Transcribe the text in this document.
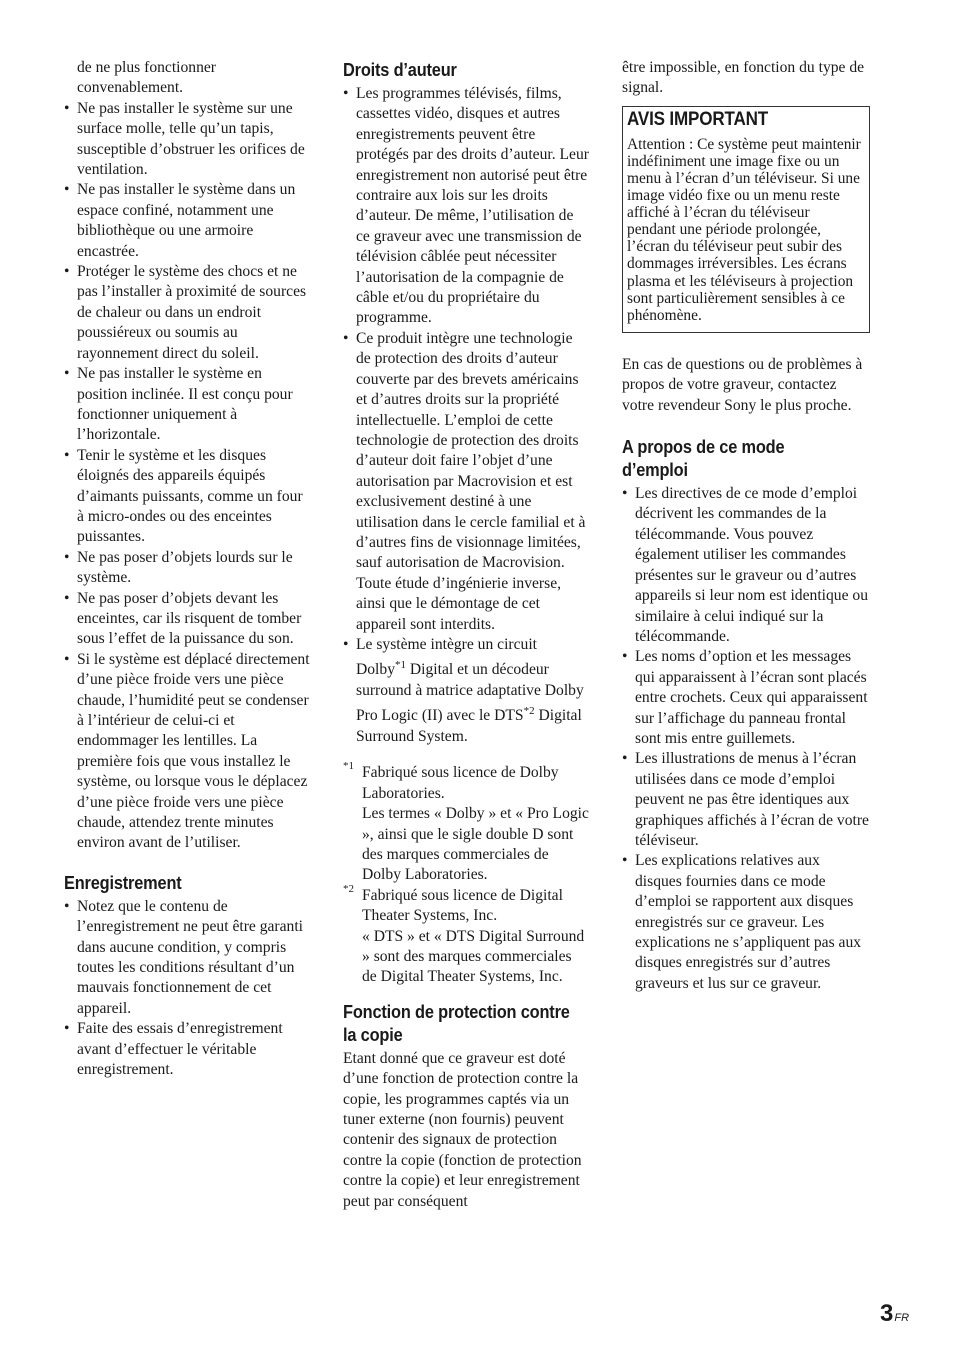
de ne plus fonctionner convenablement.

• Ne pas installer le système sur une surface molle, telle qu’un tapis, susceptible d’obstruer les orifices de ventilation.
• Ne pas installer le système dans un espace confiné, notamment une bibliothèque ou une armoire encastrée.
• Protéger le système des chocs et ne pas l’installer à proximité de sources de chaleur ou dans un endroit poussiéreux ou soumis au rayonnement direct du soleil.
• Ne pas installer le système en position inclinée. Il est conçu pour fonctionner uniquement à l’horizontale.
• Tenir le système et les disques éloignés des appareils équipés d’aimants puissants, comme un four à micro-ondes ou des enceintes puissantes.
• Ne pas poser d’objets lourds sur le système.
• Ne pas poser d’objets devant les enceintes, car ils risquent de tomber sous l’effet de la puissance du son.
• Si le système est déplacé directement d’une pièce froide vers une pièce chaude, l’humidité peut se condenser à l’intérieur de celui-ci et endommager les lentilles. La première fois que vous installez le système, ou lorsque vous le déplacez d’une pièce froide vers une pièce chaude, attendez trente minutes environ avant de l’utiliser.
Enregistrement
• Notez que le contenu de l’enregistrement ne peut être garanti dans aucune condition, y compris toutes les conditions résultant d’un mauvais fonctionnement de cet appareil.
• Faite des essais d’enregistrement avant d’effectuer le véritable enregistrement.
Droits d’auteur
• Les programmes télévisés, films, cassettes vidéo, disques et autres enregistrements peuvent être protégés par des droits d’auteur. Leur enregistrement non autorisé peut être contraire aux lois sur les droits d’auteur. De même, l’utilisation de ce graveur avec une transmission de télévision câblée peut nécessiter l’autorisation de la compagnie de câble et/ou du propriétaire du programme.
• Ce produit intègre une technologie de protection des droits d’auteur couverte par des brevets américains et d’autres droits sur la propriété intellectuelle. L’emploi de cette technologie de protection des droits d’auteur doit faire l’objet d’une autorisation par Macrovision et est exclusivement destiné à une utilisation dans le cercle familial et à d’autres fins de visionnage limitées, sauf autorisation de Macrovision. Toute étude d’ingénierie inverse, ainsi que le démontage de cet appareil sont interdits.
• Le système intègre un circuit Dolby$^{*1}$ Digital et un décodeur surround à matrice adaptative Dolby Pro Logic (II) avec le DTS$^{*2}$ Digital Surround System.
*1 Fabriqué sous licence de Dolby Laboratories.

Les termes « Dolby » et « Pro Logic », ainsi que le sigle double D sont des marques commerciales de Dolby Laboratories.

*2 Fabriqué sous licence de Digital Theater Systems, Inc.

« DTS » et « DTS Digital Surround » sont des marques commerciales de Digital Theater Systems, Inc.

Fonction de protection contre
la copie

Etant donné que ce graveur est doté d’une fonction de protection contre la copie, les programmes captés via un tuner externe (non fournis) peuvent contenir des signaux de protection contre la copie (fonction de protection contre la copie) et leur enregistrement peut par conséquent

être impossible, en fonction du type de signal.

AVIS IMPORTANT

Attention : Ce système peut maintenir indéfiniment une image fixe ou un menu à l’écran d’un téléviseur. Si une image vidéo fixe ou un menu reste affiché à l’écran du téléviseur pendant une période prolongée, l’écran du téléviseur peut subir des dommages irréversibles. Les écrans plasma et les téléviseurs à projection sont particulièrement sensibles à ce phénomène.

En cas de questions ou de problèmes à propos de votre graveur, contactez votre revendeur Sony le plus proche.

A propos de ce mode
d’emploi
• Les directives de ce mode d’emploi décrivent les commandes de la télécommande. Vous pouvez également utiliser les commandes présentes sur le graveur ou d’autres appareils si leur nom est identique ou similaire à celui indiqué sur la télécommande.
• Les noms d’option et les messages qui apparaissent à l’écran sont placés entre crochets. Ceux qui apparaissent sur l’affichage du panneau frontal sont mis entre guillemets.
• Les illustrations de menus à l’écran utilisées dans ce mode d’emploi peuvent ne pas être identiques aux graphiques affichés à l’écran de votre téléviseur.
• Les explications relatives aux disques fournies dans ce mode d’emploi se rapportent aux disques enregistrés sur ce graveur. Les explications ne s’appliquent pas aux disques enregistrés sur d’autres graveurs et lus sur ce graveur.
$3_{FR}$
